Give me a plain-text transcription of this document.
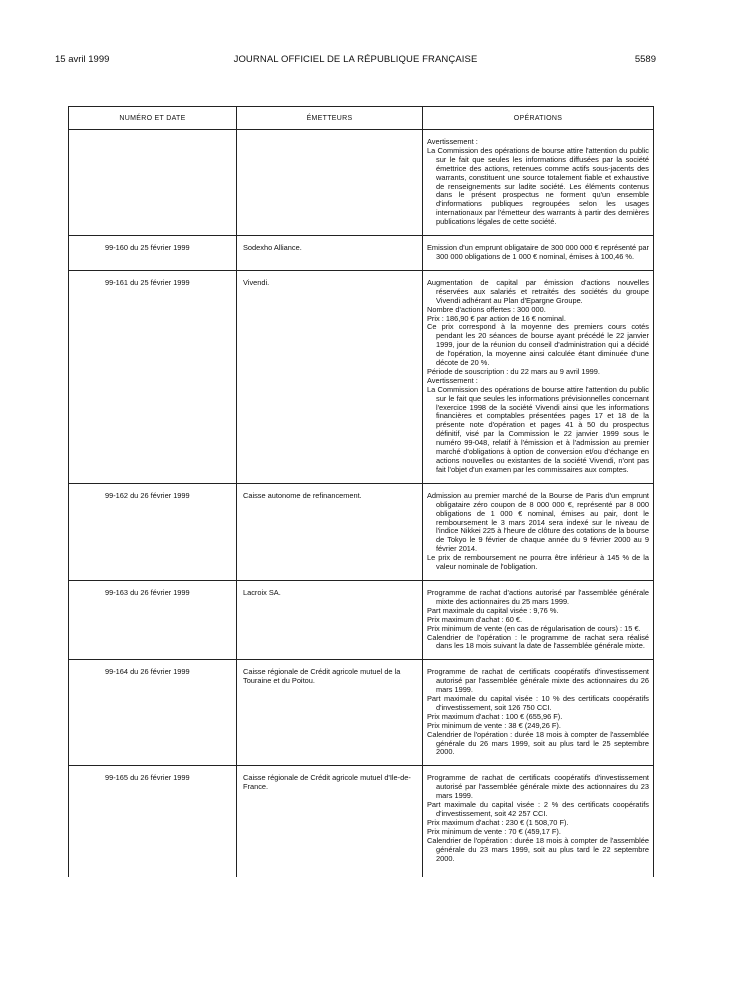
15 avril 1999	JOURNAL OFFICIEL DE LA RÉPUBLIQUE FRANÇAISE	5589
NUMÉRO ET DATE	ÉMETTEURS	OPÉRATIONS

Avertissement :

La Commission des opérations de bourse attire l'attention du public sur le fait que seules les informations diffusées par la société émettrice des actions, retenues comme actifs sous-jacents des warrants, constituent une source totalement fiable et exhaustive de renseignements sur ladite société. Les éléments contenus dans le présent prospectus ne forment qu'un ensemble d'informations publiques regroupées selon les usages internationaux par l'émetteur des warrants à partir des dernières publications légales de cette société.

99-160 du 25 février 1999	Sodexho Alliance.	Emission d'un emprunt obligataire de 300 000 000 € représenté par 300 000 obligations de 1 000 € nominal, émises à 100,46 %.

99-161 du 25 février 1999	Vivendi.	Augmentation de capital par émission d'actions nouvelles réservées aux salariés et retraités des sociétés du groupe Vivendi adhérant au Plan d'Epargne Groupe.

Nombre d'actions offertes : 300 000.

Prix : 186,90 € par action de 16 € nominal.

Ce prix correspond à la moyenne des premiers cours cotés pendant les 20 séances de bourse ayant précédé le 22 janvier 1999, jour de la réunion du conseil d'administration qui a décidé de l'opération, la moyenne ainsi calculée étant diminuée d'une décote de 20 %.

Période de souscription : du 22 mars au 9 avril 1999.

Avertissement :

La Commission des opérations de bourse attire l'attention du public sur le fait que seules les informations prévisionnelles concernant l'exercice 1998 de la société Vivendi ainsi que les informations financières et comptables présentées pages 17 et 18 de la présente note d'opération et pages 41 à 50 du prospectus définitif, visé par la Commission le 22 janvier 1999 sous le numéro 99-048, relatif à l'émission et à l'admission au premier marché d'obligations à option de conversion et/ou d'échange en actions nouvelles ou existantes de la société Vivendi, n'ont pas fait l'objet d'un examen par les commissaires aux comptes.

99-162 du 26 février 1999	Caisse autonome de refinancement.	Admission au premier marché de la Bourse de Paris d'un emprunt obligataire zéro coupon de 8 000 000 €, représenté par 8 000 obligations de 1 000 € nominal, émises au pair, dont le remboursement le 3 mars 2014 sera indexé sur le niveau de l'indice Nikkei 225 à l'heure de clôture des cotations de la bourse de Tokyo le 9 février de chaque année du 9 février 2000 au 9 février 2014.

Le prix de remboursement ne pourra être inférieur à 145 % de la valeur nominale de l'obligation.

99-163 du 26 février 1999	Lacroix SA.	Programme de rachat d'actions autorisé par l'assemblée générale mixte des actionnaires du 25 mars 1999.

Part maximale du capital visée : 9,76 %.

Prix maximum d'achat : 60 €.

Prix minimum de vente (en cas de régularisation de cours) : 15 €.

Calendrier de l'opération : le programme de rachat sera réalisé dans les 18 mois suivant la date de l'assemblée générale mixte.

99-164 du 26 février 1999	Caisse régionale de Crédit agricole mutuel de la Touraine et du Poitou.

Programme de rachat de certificats coopératifs d'investissement autorisé par l'assemblée générale mixte des actionnaires du 26 mars 1999.

Part maximale du capital visée : 10 % des certificats coopératifs d'investissement, soit 126 750 CCI.

Prix maximum d'achat : 100 € (655,96 F).

Prix minimum de vente : 38 € (249,26 F).

Calendrier de l'opération : durée 18 mois à compter de l'assemblée générale du 26 mars 1999, soit au plus tard le 25 septembre 2000.

99-165 du 26 février 1999	Caisse régionale de Crédit agricole mutuel d'Ile-de-France.

Programme de rachat de certificats coopératifs d'investissement autorisé par l'assemblée générale mixte des actionnaires du 23 mars 1999.

Part maximale du capital visée : 2 % des certificats coopératifs d'investissement, soit 42 257 CCI.

Prix maximum d'achat : 230 € (1 508,70 F).

Prix minimum de vente : 70 € (459,17 F).

Calendrier de l'opération : durée 18 mois à compter de l'assemblée générale du 23 mars 1999, soit au plus tard le 22 septembre 2000.
